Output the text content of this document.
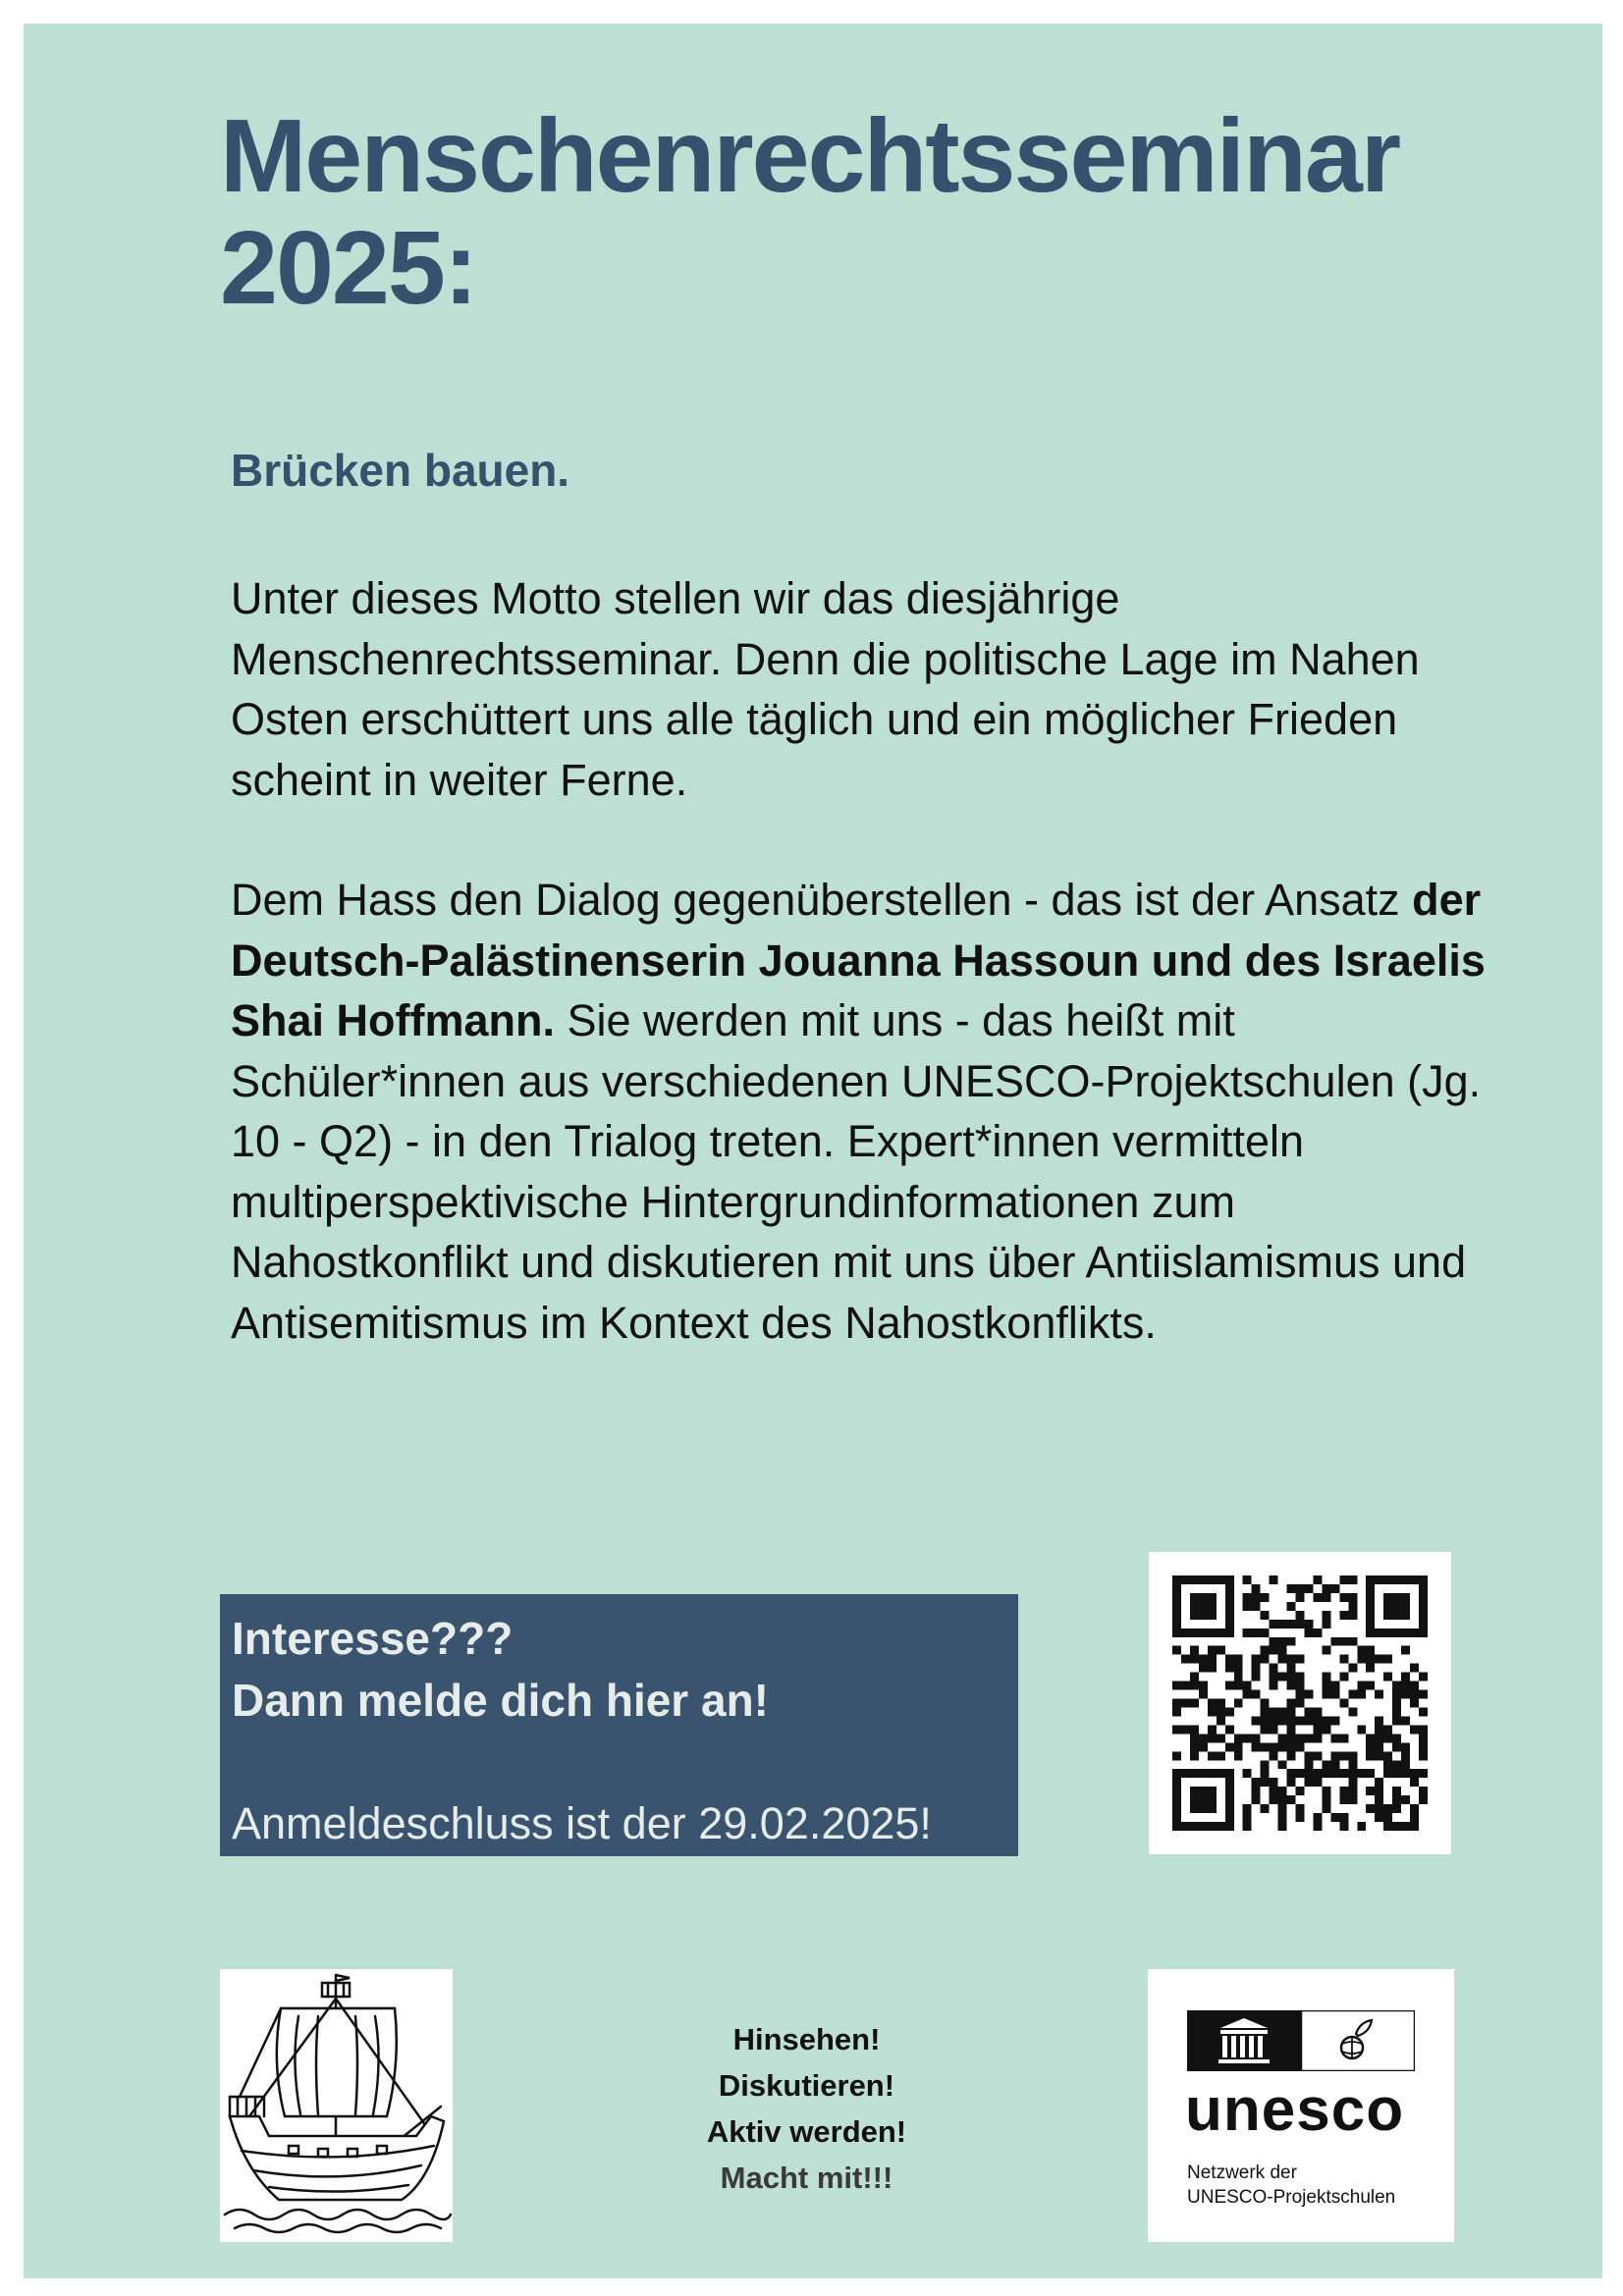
Menschenrechtsseminar
2025:

Brücken bauen.

Unter dieses Motto stellen wir das diesjährige Menschenrechtsseminar. Denn die politische Lage im Nahen Osten erschüttert uns alle täglich und ein möglicher Frieden scheint in weiter Ferne.

Dem Hass den Dialog gegenüberstellen - das ist der Ansatz der Deutsch-Palästinenserin Jouanna Hassoun und des Israelis Shai Hoffmann. Sie werden mit uns - das heißt mit Schüler*innen aus verschiedenen UNESCO-Projektschulen (Jg. 10 - Q2) - in den Trialog treten. Expert*innen vermitteln multiperspektivische Hintergrundinformationen zum Nahostkonflikt und diskutieren mit uns über Antiislamismus und Antisemitismus im Kontext des Nahostkonflikts.

Interesse???

Dann melde dich hier an!

Anmeldeschluss ist der 29.02.2025!

Hinsehen!
Diskutieren!
Aktiv werden!
Macht mit!!!

unesco

Netzwerk der
UNESCO-Projektschulen
